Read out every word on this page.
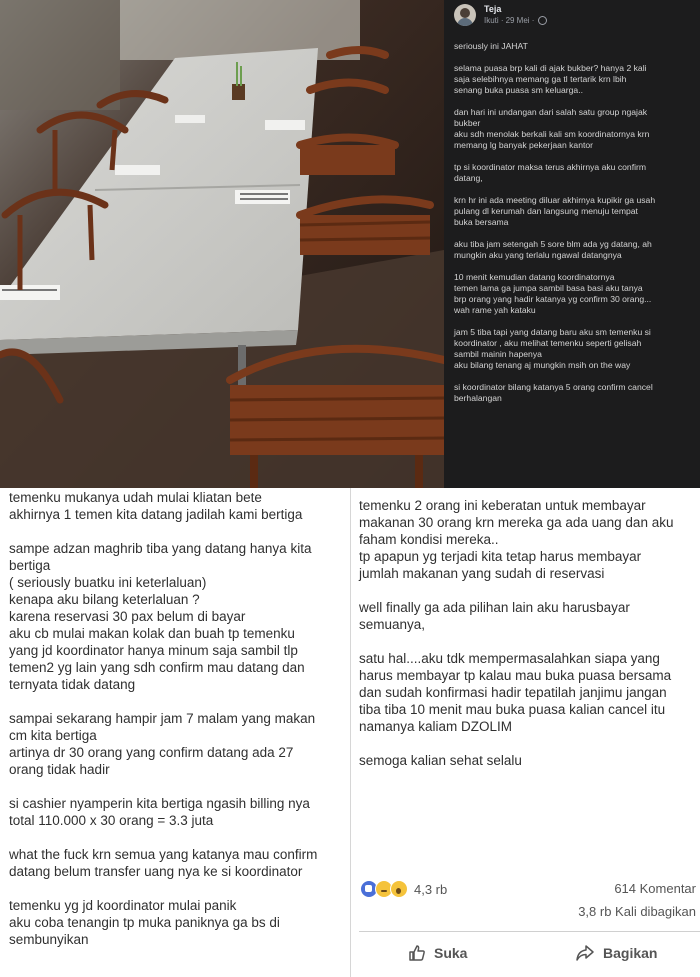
Teja
Ikuti · 29 Mei ·

seriously ini JAHAT

selama puasa brp kali di ajak bukber? hanya 2 kali
saja selebihnya memang ga tl tertarik krn lbih
senang buka puasa sm keluarga..

dan hari ini undangan dari salah satu group ngajak
bukber
aku sdh menolak berkali kali sm koordinatornya krn
memang lg banyak pekerjaan kantor

tp si koordinator maksa terus akhirnya aku confirm
datang,

krn hr ini ada meeting diluar akhirnya kupikir ga usah
pulang dl kerumah dan langsung menuju tempat
buka bersama

aku tiba jam setengah 5 sore blm ada yg datang, ah
mungkin aku yang terlalu ngawal datangnya

10 menit kemudian datang koordinatornya
temen lama ga jumpa sambil basa basi aku tanya
brp orang yang hadir katanya yg confirm 30 orang...
wah rame yah kataku

jam 5 tiba tapi yang datang baru aku sm temenku si
koordinator , aku melihat temenku seperti gelisah
sambil mainin hapenya
aku bilang tenang aj mungkin msih on the way

si koordinator bilang katanya 5 orang confirm cancel
berhalangan

temenku mukanya udah mulai kliatan bete
akhirnya 1 temen kita datang jadilah kami bertiga

sampe adzan maghrib tiba yang datang hanya kita
bertiga
( seriously buatku ini keterlaluan)
kenapa aku bilang keterlaluan ?
karena reservasi 30 pax belum di bayar
aku cb mulai makan kolak dan buah tp temenku
yang jd koordinator hanya minum saja sambil tlp
temen2 yg lain yang sdh confirm mau datang dan
ternyata tidak datang

sampai sekarang hampir jam 7 malam yang makan
cm kita bertiga
artinya dr 30 orang yang confirm datang ada 27
orang tidak hadir

si cashier nyamperin kita bertiga ngasih billing nya
total 110.000 x 30 orang = 3.3 juta

what the fuck krn semua yang katanya mau confirm
datang belum transfer uang nya ke si koordinator

temenku yg jd koordinator mulai panik
aku coba tenangin tp muka paniknya ga bs di
sembunyikan

temenku 2 orang ini keberatan untuk membayar
makanan 30 orang krn mereka ga ada uang dan aku
faham kondisi mereka..
tp apapun yg terjadi kita tetap harus membayar
jumlah makanan yang sudah di reservasi

well finally ga ada pilihan lain aku harusbayar
semuanya,

satu hal....aku tdk mempermasalahkan siapa yang
harus membayar tp kalau mau buka puasa bersama
dan sudah konfirmasi hadir tepatilah janjimu jangan
tiba tiba 10 menit mau buka puasa kalian cancel itu
namanya kaliam DZOLIM

semoga kalian sehat selalu

4,3 rb	614 Komentar
3,8 rb Kali dibagikan
Suka	Bagikan
